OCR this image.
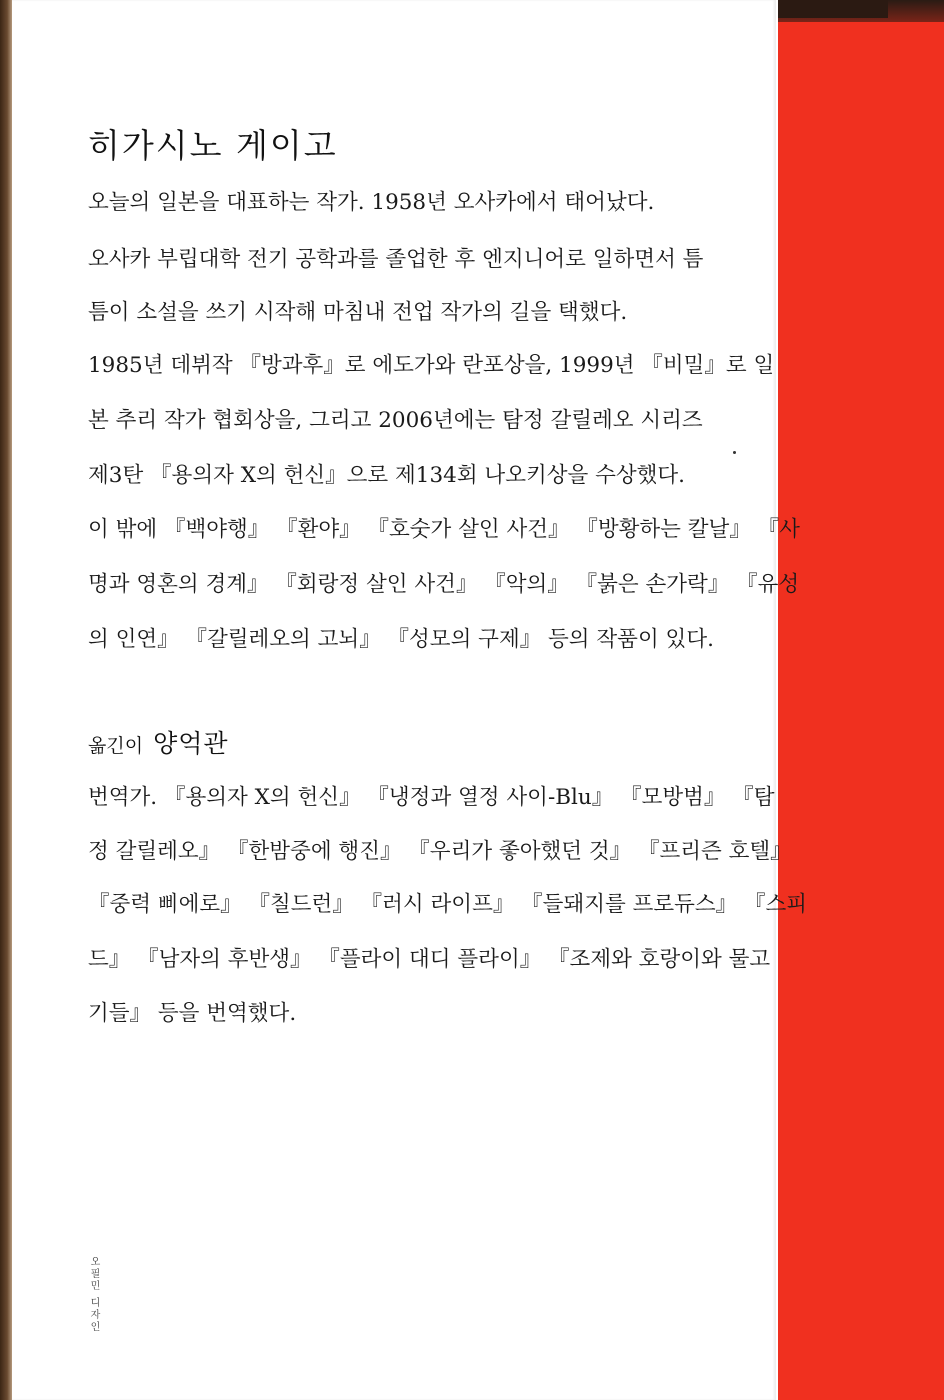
히가시노 게이고
오늘의 일본을 대표하는 작가. 1958년 오사카에서 태어났다.
오사카 부립대학 전기 공학과를 졸업한 후 엔지니어로 일하면서 틈
틈이 소설을 쓰기 시작해 마침내 전업 작가의 길을 택했다.
1985년 데뷔작 『방과후』로 에도가와 란포상을, 1999년 『비밀』로 일
본 추리 작가 협회상을, 그리고 2006년에는 탐정 갈릴레오 시리즈
제3탄 『용의자 X의 헌신』으로 제134회 나오키상을 수상했다.
이 밖에 『백야행』 『환야』 『호숫가 살인 사건』 『방황하는 칼날』 『사
명과 영혼의 경계』 『회랑정 살인 사건』 『악의』 『붉은 손가락』 『유성
의 인연』 『갈릴레오의 고뇌』 『성모의 구제』 등의 작품이 있다.
옮긴이 양억관
번역가. 『용의자 X의 헌신』 『냉정과 열정 사이-Blu』 『모방범』 『탐
정 갈릴레오』 『한밤중에 행진』 『우리가 좋아했던 것』 『프리즌 호텔』
『중력 삐에로』 『칠드런』 『러시 라이프』 『들돼지를 프로듀스』 『스피
드』 『남자의 후반생』 『플라이 대디 플라이』 『조제와 호랑이와 물고
기들』 등을 번역했다.
오필민 디자인
